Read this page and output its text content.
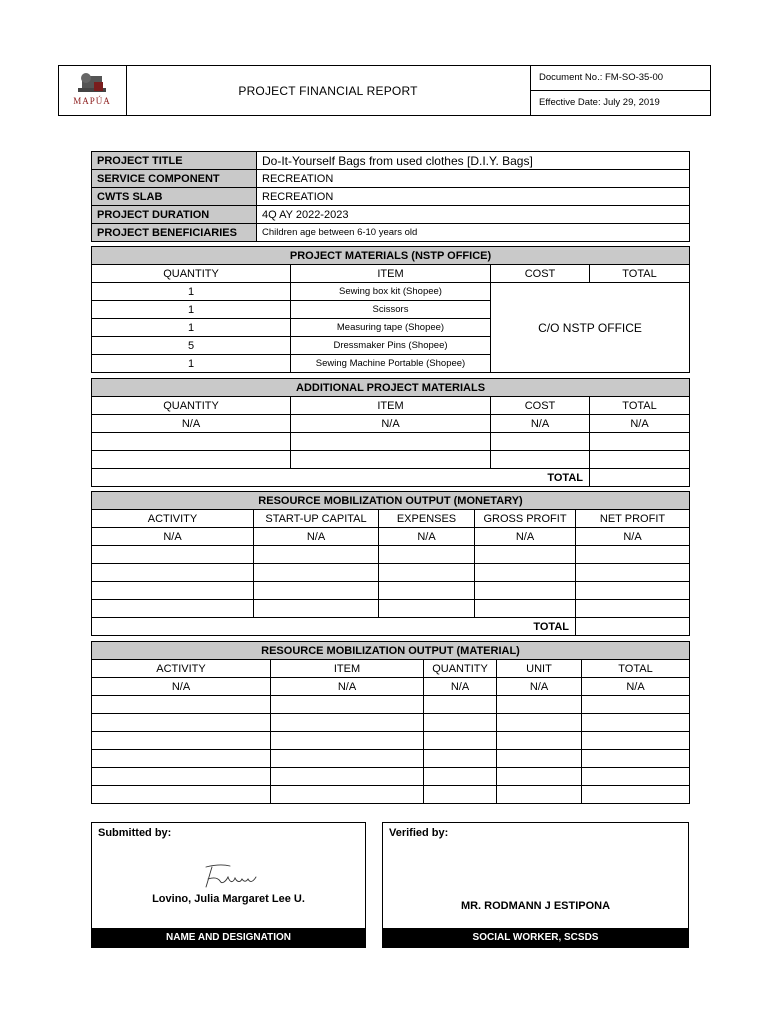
MAPÚA
PROJECT FINANCIAL REPORT
Document No.: FM-SO-35-00
Effective Date: July 29, 2019
PROJECT TITLE	Do-It-Yourself Bags from used clothes [D.I.Y. Bags]
SERVICE COMPONENT	RECREATION
CWTS SLAB	RECREATION
PROJECT DURATION	4Q AY 2022-2023
PROJECT BENEFICIARIES	Children age between 6-10 years old
PROJECT MATERIALS (NSTP OFFICE)			
QUANTITY	ITEM	COST	TOTAL
1	Sewing box kit (Shopee)	C/O NSTP OFFICE	
1	Scissors		
1	Measuring tape (Shopee)		
5	Dressmaker Pins (Shopee)		
1	Sewing Machine Portable (Shopee)		
ADDITIONAL PROJECT MATERIALS			
QUANTITY	ITEM	COST	TOTAL
N/A	N/A	N/A	N/A

TOTAL			
RESOURCE MOBILIZATION OUTPUT (MONETARY)				
ACTIVITY	START-UP CAPITAL	EXPENSES	GROSS PROFIT	NET PROFIT
N/A	N/A	N/A	N/A	N/A

TOTAL				
RESOURCE MOBILIZATION OUTPUT (MATERIAL)				
ACTIVITY	ITEM	QUANTITY	UNIT	TOTAL
N/A	N/A	N/A	N/A	N/A

Submitted by:
Lovino, Julia Margaret Lee U.
NAME AND DESIGNATION
Verified by:
MR. RODMANN J ESTIPONA
SOCIAL WORKER, SCSDS
